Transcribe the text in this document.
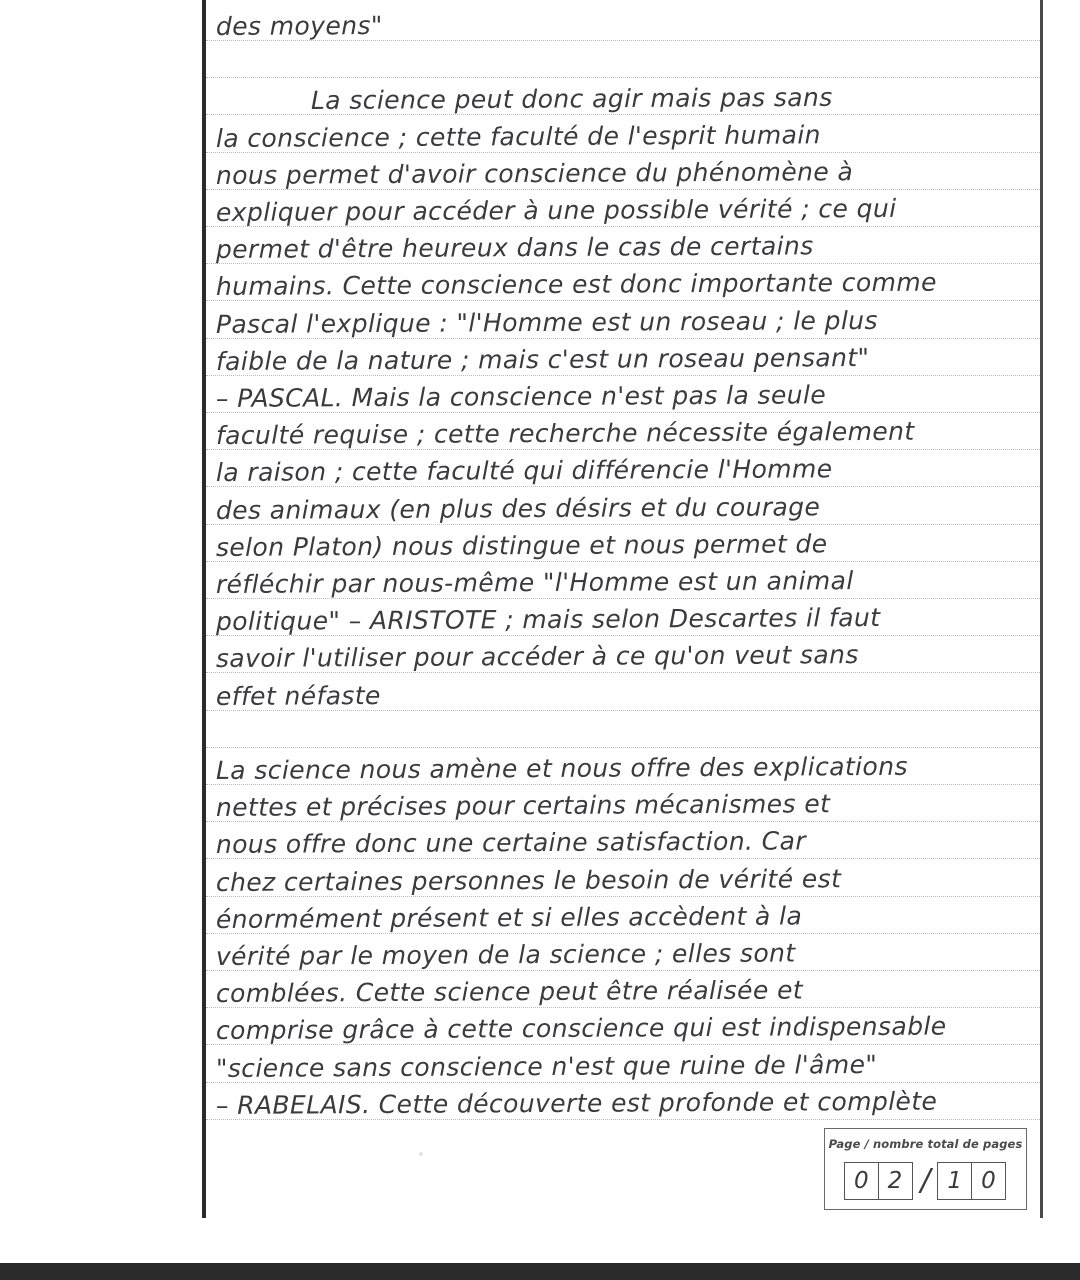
des moyens"
La science peut donc agir mais pas sans
la conscience ; cette faculté de l'esprit humain
nous permet d'avoir conscience du phénomène à
expliquer pour accéder à une possible vérité ; ce qui
permet d'être heureux dans le cas de certains
humains. Cette conscience est donc importante comme
Pascal l'explique : "l'Homme est un roseau ; le plus
faible de la nature ; mais c'est un roseau pensant"
– PASCAL. Mais la conscience n'est pas la seule
faculté requise ; cette recherche nécessite également
la raison ; cette faculté qui différencie l'Homme
des animaux (en plus des désirs et du courage
selon Platon) nous distingue et nous permet de
réfléchir par nous-même "l'Homme est un animal
politique" – ARISTOTE ; mais selon Descartes il faut
savoir l'utiliser pour accéder à ce qu'on veut sans
effet néfaste
La science nous amène et nous offre des explications
nettes et précises pour certains mécanismes et
nous offre donc une certaine satisfaction. Car
chez certaines personnes le besoin de vérité est
énormément présent et si elles accèdent à la
vérité par le moyen de la science ; elles sont
comblées. Cette science peut être réalisée et
comprise grâce à cette conscience qui est indispensable
"science sans conscience n'est que ruine de l'âme"
– RABELAIS. Cette découverte est profonde et complète
Page / nombre total de pages
0 2 / 1 0
